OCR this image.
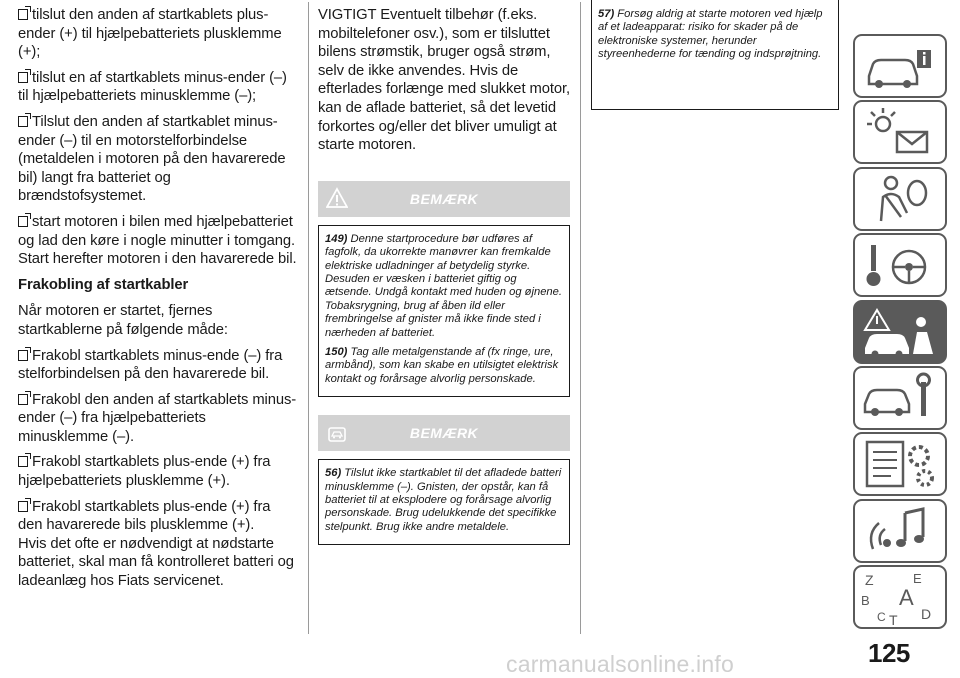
tilslut den anden af startkablets plus-ender (+) til hjælpebatteriets plusklemme (+);

tilslut en af startkablets minus-ender (–) til hjælpebatteriets minusklemme (–);

Tilslut den anden af startkablet minus-ender (–) til en motorstelforbindelse (metaldelen i motoren på den havarerede bil) langt fra batteriet og brændstofsystemet.

start motoren i bilen med hjælpebatteriet og lad den køre i nogle minutter i tomgang. Start herefter motoren i den havarerede bil.

Frakobling af startkabler

Når motoren er startet, fjernes startkablerne på følgende måde:

Frakobl startkablets minus-ende (–) fra stelforbindelsen på den havarerede bil.

Frakobl den anden af startkablets minus-ender (–) fra hjælpebatteriets minusklemme (–).

Frakobl startkablets plus-ende (+) fra hjælpebatteriets plusklemme (+).

Frakobl startkablets plus-ende (+) fra den havarerede bils plusklemme (+).

Hvis det ofte er nødvendigt at nødstarte batteriet, skal man få kontrolleret batteri og ladeanlæg hos Fiats servicenet.

VIGTIGT Eventuelt tilbehør (f.eks. mobiltelefoner osv.), som er tilsluttet bilens strømstik, bruger også strøm, selv de ikke anvendes. Hvis de efterlades forlænge med slukket motor, kan de aflade batteriet, så det levetid forkortes og/eller det bliver umuligt at starte motoren.

BEMÆRK

149) Denne startprocedure bør udføres af fagfolk, da ukorrekte manøvrer kan fremkalde elektriske udladninger af betydelig styrke. Desuden er væsken i batteriet giftig og ætsende. Undgå kontakt med huden og øjnene. Tobaksrygning, brug af åben ild eller frembringelse af gnister må ikke finde sted i nærheden af batteriet.

150) Tag alle metalgenstande af (fx ringe, ure, armbånd), som kan skabe en utilsigtet elektrisk kontakt og forårsage alvorlig personskade.

BEMÆRK

56) Tilslut ikke startkablet til det afladede batteri minusklemme (–). Gnisten, der opstår, kan få batteriet til at eksplodere og forårsage alvorlig personskade. Brug udelukkende det specifikke stelpunkt. Brug ikke andre metaldele.

57) Forsøg aldrig at starte motoren ved hjælp af et ladeapparat: risiko for skader på de elektroniske systemer, herunder styreenhederne for tænding og indsprøjtning.

Z	E
B A
C T D
125
carmanualsonline.info
